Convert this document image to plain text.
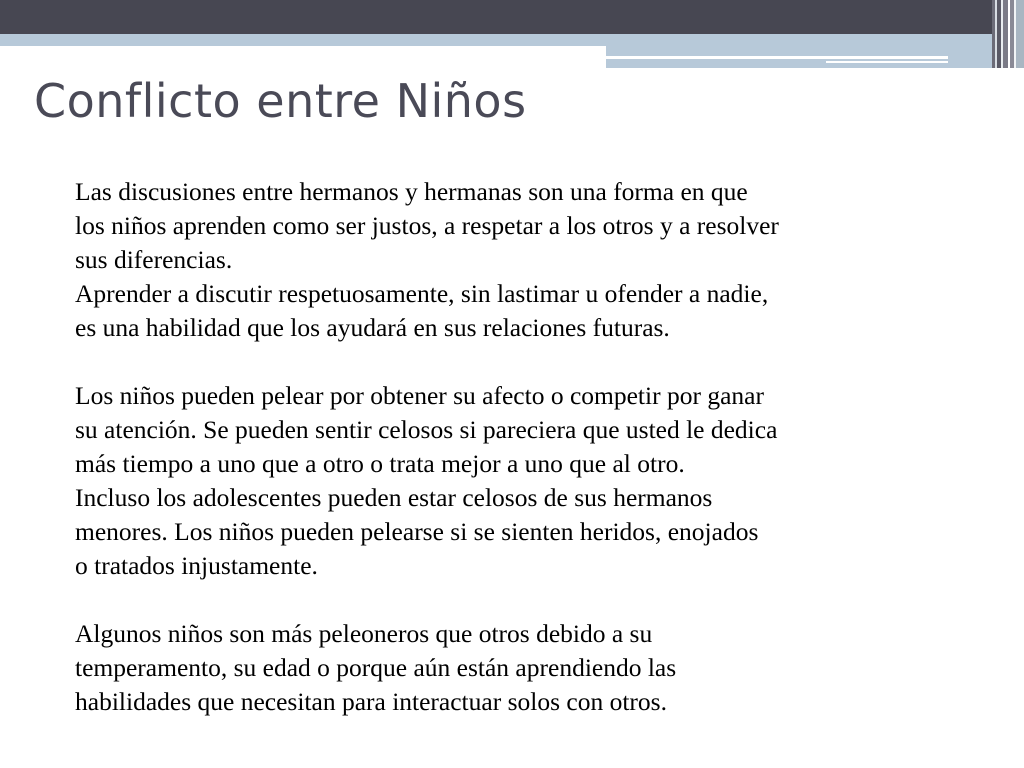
Conflicto entre Niños
Las discusiones entre hermanos y hermanas son una forma en que
los niños aprenden como ser justos, a respetar a los otros y a resolver
sus diferencias.
Aprender a discutir respetuosamente, sin lastimar u ofender a nadie,
es una habilidad que los ayudará en sus relaciones futuras.
Los niños pueden pelear por obtener su afecto o competir por ganar
su atención. Se pueden sentir celosos si pareciera que usted le dedica
más tiempo a uno que a otro o trata mejor a uno que al otro.
Incluso los adolescentes pueden estar celosos de sus hermanos
menores. Los niños pueden pelearse si se sienten heridos, enojados
o tratados injustamente.
Algunos niños son más peleoneros que otros debido a su
temperamento, su edad o porque aún están aprendiendo las
habilidades que necesitan para interactuar solos con otros.
